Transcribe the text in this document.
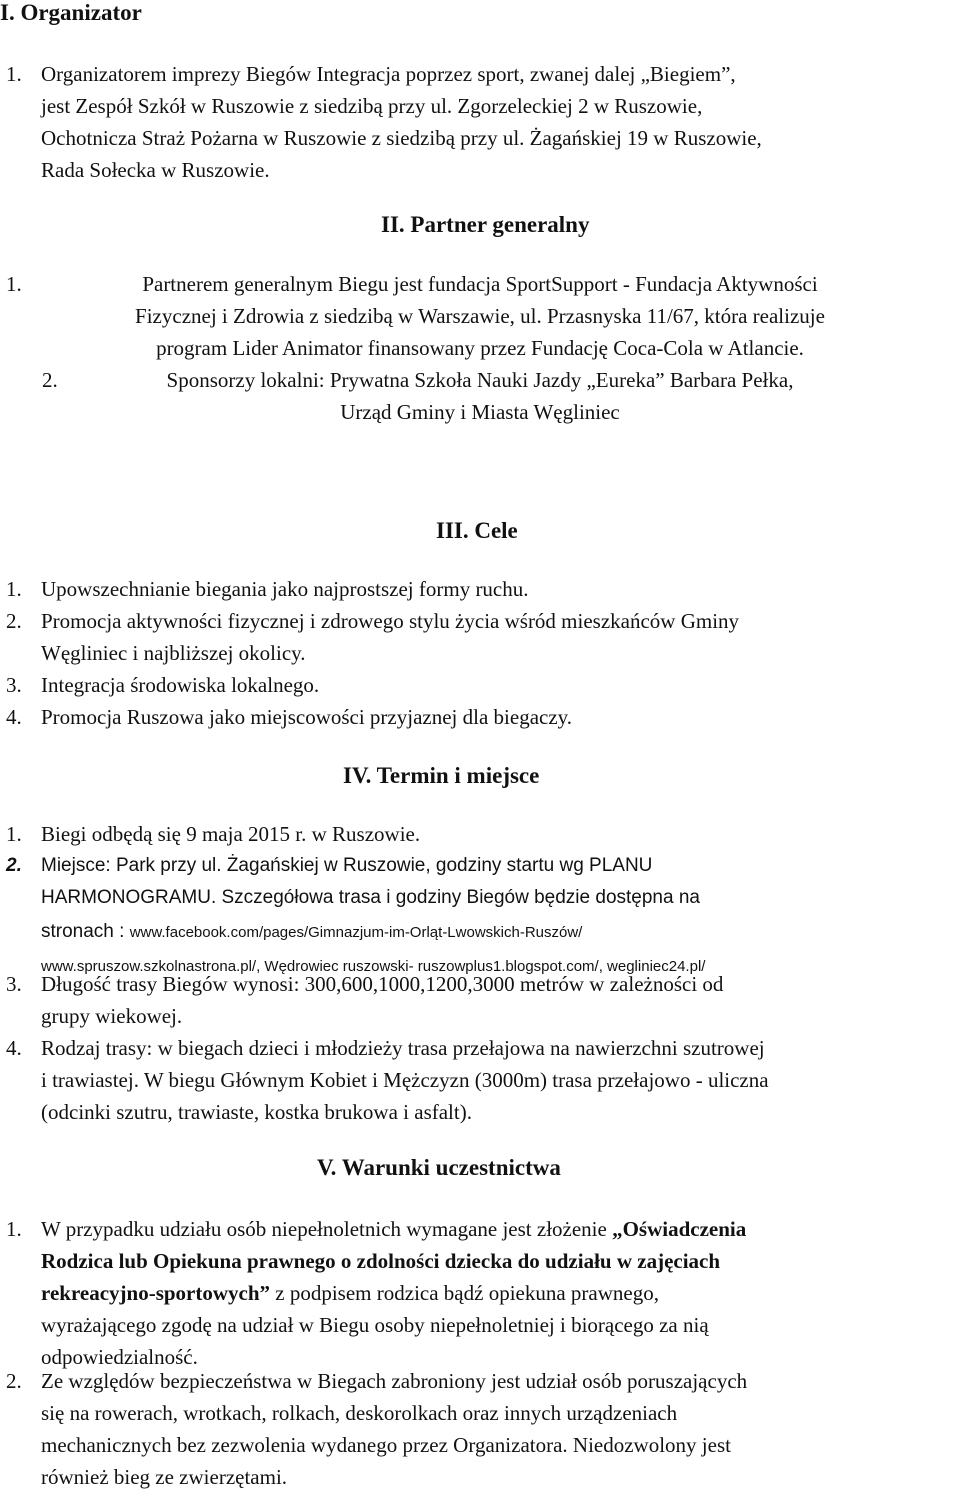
I. Organizator
1. Organizatorem imprezy Biegów Integracja poprzez sport, zwanej dalej „Biegiem”,
jest Zespół Szkół w Ruszowie z siedzibą przy ul. Zgorzeleckiej 2 w Ruszowie,
Ochotnicza Straż Pożarna w Ruszowie z siedzibą przy ul. Żagańskiej 19 w Ruszowie,
Rada Sołecka w Ruszowie.
II. Partner generalny
1.	Partnerem generalnym Biegu jest fundacja SportSupport - Fundacja Aktywności
Fizycznej i Zdrowia z siedzibą w Warszawie, ul. Przasnyska 11/67, która realizuje
program Lider Animator finansowany przez Fundację Coca-Cola w Atlancie.
2.	Sponsorzy lokalni: Prywatna Szkoła Nauki Jazdy „Eureka” Barbara Pełka,
Urząd Gminy i Miasta Węgliniec
III. Cele
1. Upowszechnianie biegania jako najprostszej formy ruchu.
2. Promocja aktywności fizycznej i zdrowego stylu życia wśród mieszkańców Gminy
Węgliniec i najbliższej okolicy.
3. Integracja środowiska lokalnego.
4. Promocja Ruszowa jako miejscowości przyjaznej dla biegaczy.
IV. Termin i miejsce
1. Biegi odbędą się 9 maja 2015 r. w Ruszowie.
2. Miejsce: Park przy ul. Żagańskiej w Ruszowie, godziny startu wg PLANU
HARMONOGRAMU. Szczegółowa trasa i godziny Biegów będzie dostępna na
stronach : www.facebook.com/pages/Gimnazjum-im-Orląt-Lwowskich-Ruszów/
www.spruszow.szkolnastrona.pl/, Wędrowiec ruszowski- ruszowplus1.blogspot.com/, wegliniec24.pl/
3. Długość trasy Biegów wynosi: 300,600,1000,1200,3000 metrów w zależności od
grupy wiekowej.
4. Rodzaj trasy: w biegach dzieci i młodzieży trasa przełajowa na nawierzchni szutrowej
i trawiastej. W biegu Głównym Kobiet i Mężczyzn (3000m) trasa przełajowo - uliczna
(odcinki szutru, trawiaste, kostka brukowa i asfalt).
V. Warunki uczestnictwa
1. W przypadku udziału osób niepełnoletnich wymagane jest złożenie „Oświadczenia
Rodzica lub Opiekuna prawnego o zdolności dziecka do udziału w zajęciach
rekreacyjno-sportowych” z podpisem rodzica bądź opiekuna prawnego,
wyrażającego zgodę na udział w Biegu osoby niepełnoletniej i biorącego za nią
odpowiedzialność.
2. Ze względów bezpieczeństwa w Biegach zabroniony jest udział osób poruszających
się na rowerach, wrotkach, rolkach, deskorolkach oraz innych urządzeniach
mechanicznych bez zezwolenia wydanego przez Organizatora. Niedozwolony jest
również bieg ze zwierzętami.
